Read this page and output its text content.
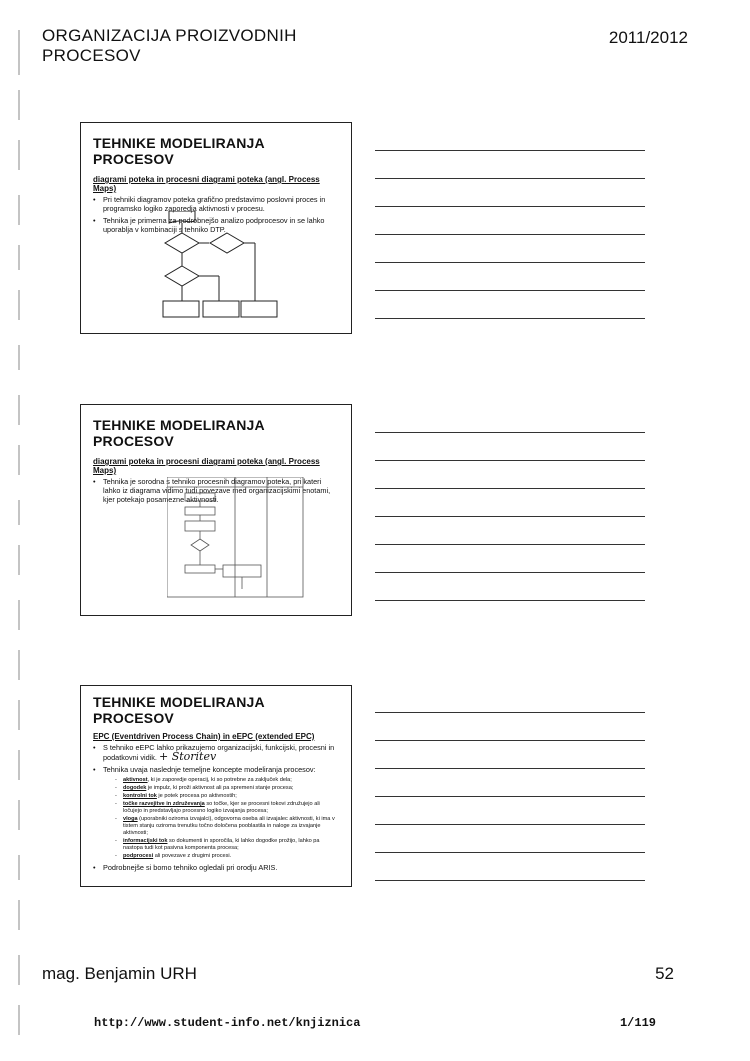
ORGANIZACIJA PROIZVODNIH
PROCESOV
2011/2012
TEHNIKE MODELIRANJA PROCESOV
diagrami poteka in procesni diagrami poteka (angl. Process Maps)
•	Pri tehniki diagramov poteka grafično predstavimo poslovni proces in programsko logiko zaporedja aktivnosti v procesu.
•	Tehnika je primerna za podrobnejšo analizo podprocesov in se lahko uporablja v kombinaciji s tehniko DTP.
TEHNIKE MODELIRANJA PROCESOV
diagrami poteka in procesni diagrami poteka (angl. Process Maps)
•	Tehnika je sorodna s tehniko procesnih diagramov poteka, pri kateri lahko iz diagrama vidimo tudi povezave med organizacijskimi enotami, kjer potekajo posamezne aktivnosti.
TEHNIKE MODELIRANJA PROCESOV
EPC (Eventdriven Process Chain) in eEPC (extended EPC)
•	S tehniko eEPC lahko prikazujemo organizacijski, funkcijski, procesni in podatkovni vidik. + Storitev
•	Tehnika uvaja naslednje temeljne koncepte modeliranja procesov:
-	aktivnost, ki je zaporedje operacij, ki so potrebne za zaključek dela;
-	dogodek je impulz, ki proži aktivnost ali pa spremeni stanje procesa;
-	kontrolni tok je potek procesa po aktivnostih;
-	točke razvejitve in združevanja so točke, kjer se procesni tokovi združujejo ali ločujejo in predstavljajo procesno logiko izvajanja procesa;
-	vloga (uporabniki oziroma izvajalci), odgovorna oseba ali izvajalec aktivnosti, ki ima v tistem stanju oziroma trenutku točno določena pooblastila in naloge za izvajanje aktivnosti;
-	informacijski tok so dokumenti in sporočila, ki lahko dogodke prožijo, lahko pa nastopa tudi kot pasivna komponenta procesa;
-	podprocesi ali povezave z drugimi procesi.
•	Podrobnejše si bomo tehniko ogledali pri orodju ARIS.
mag. Benjamin URH	52
http://www.student-info.net/knjiznica	1/119
